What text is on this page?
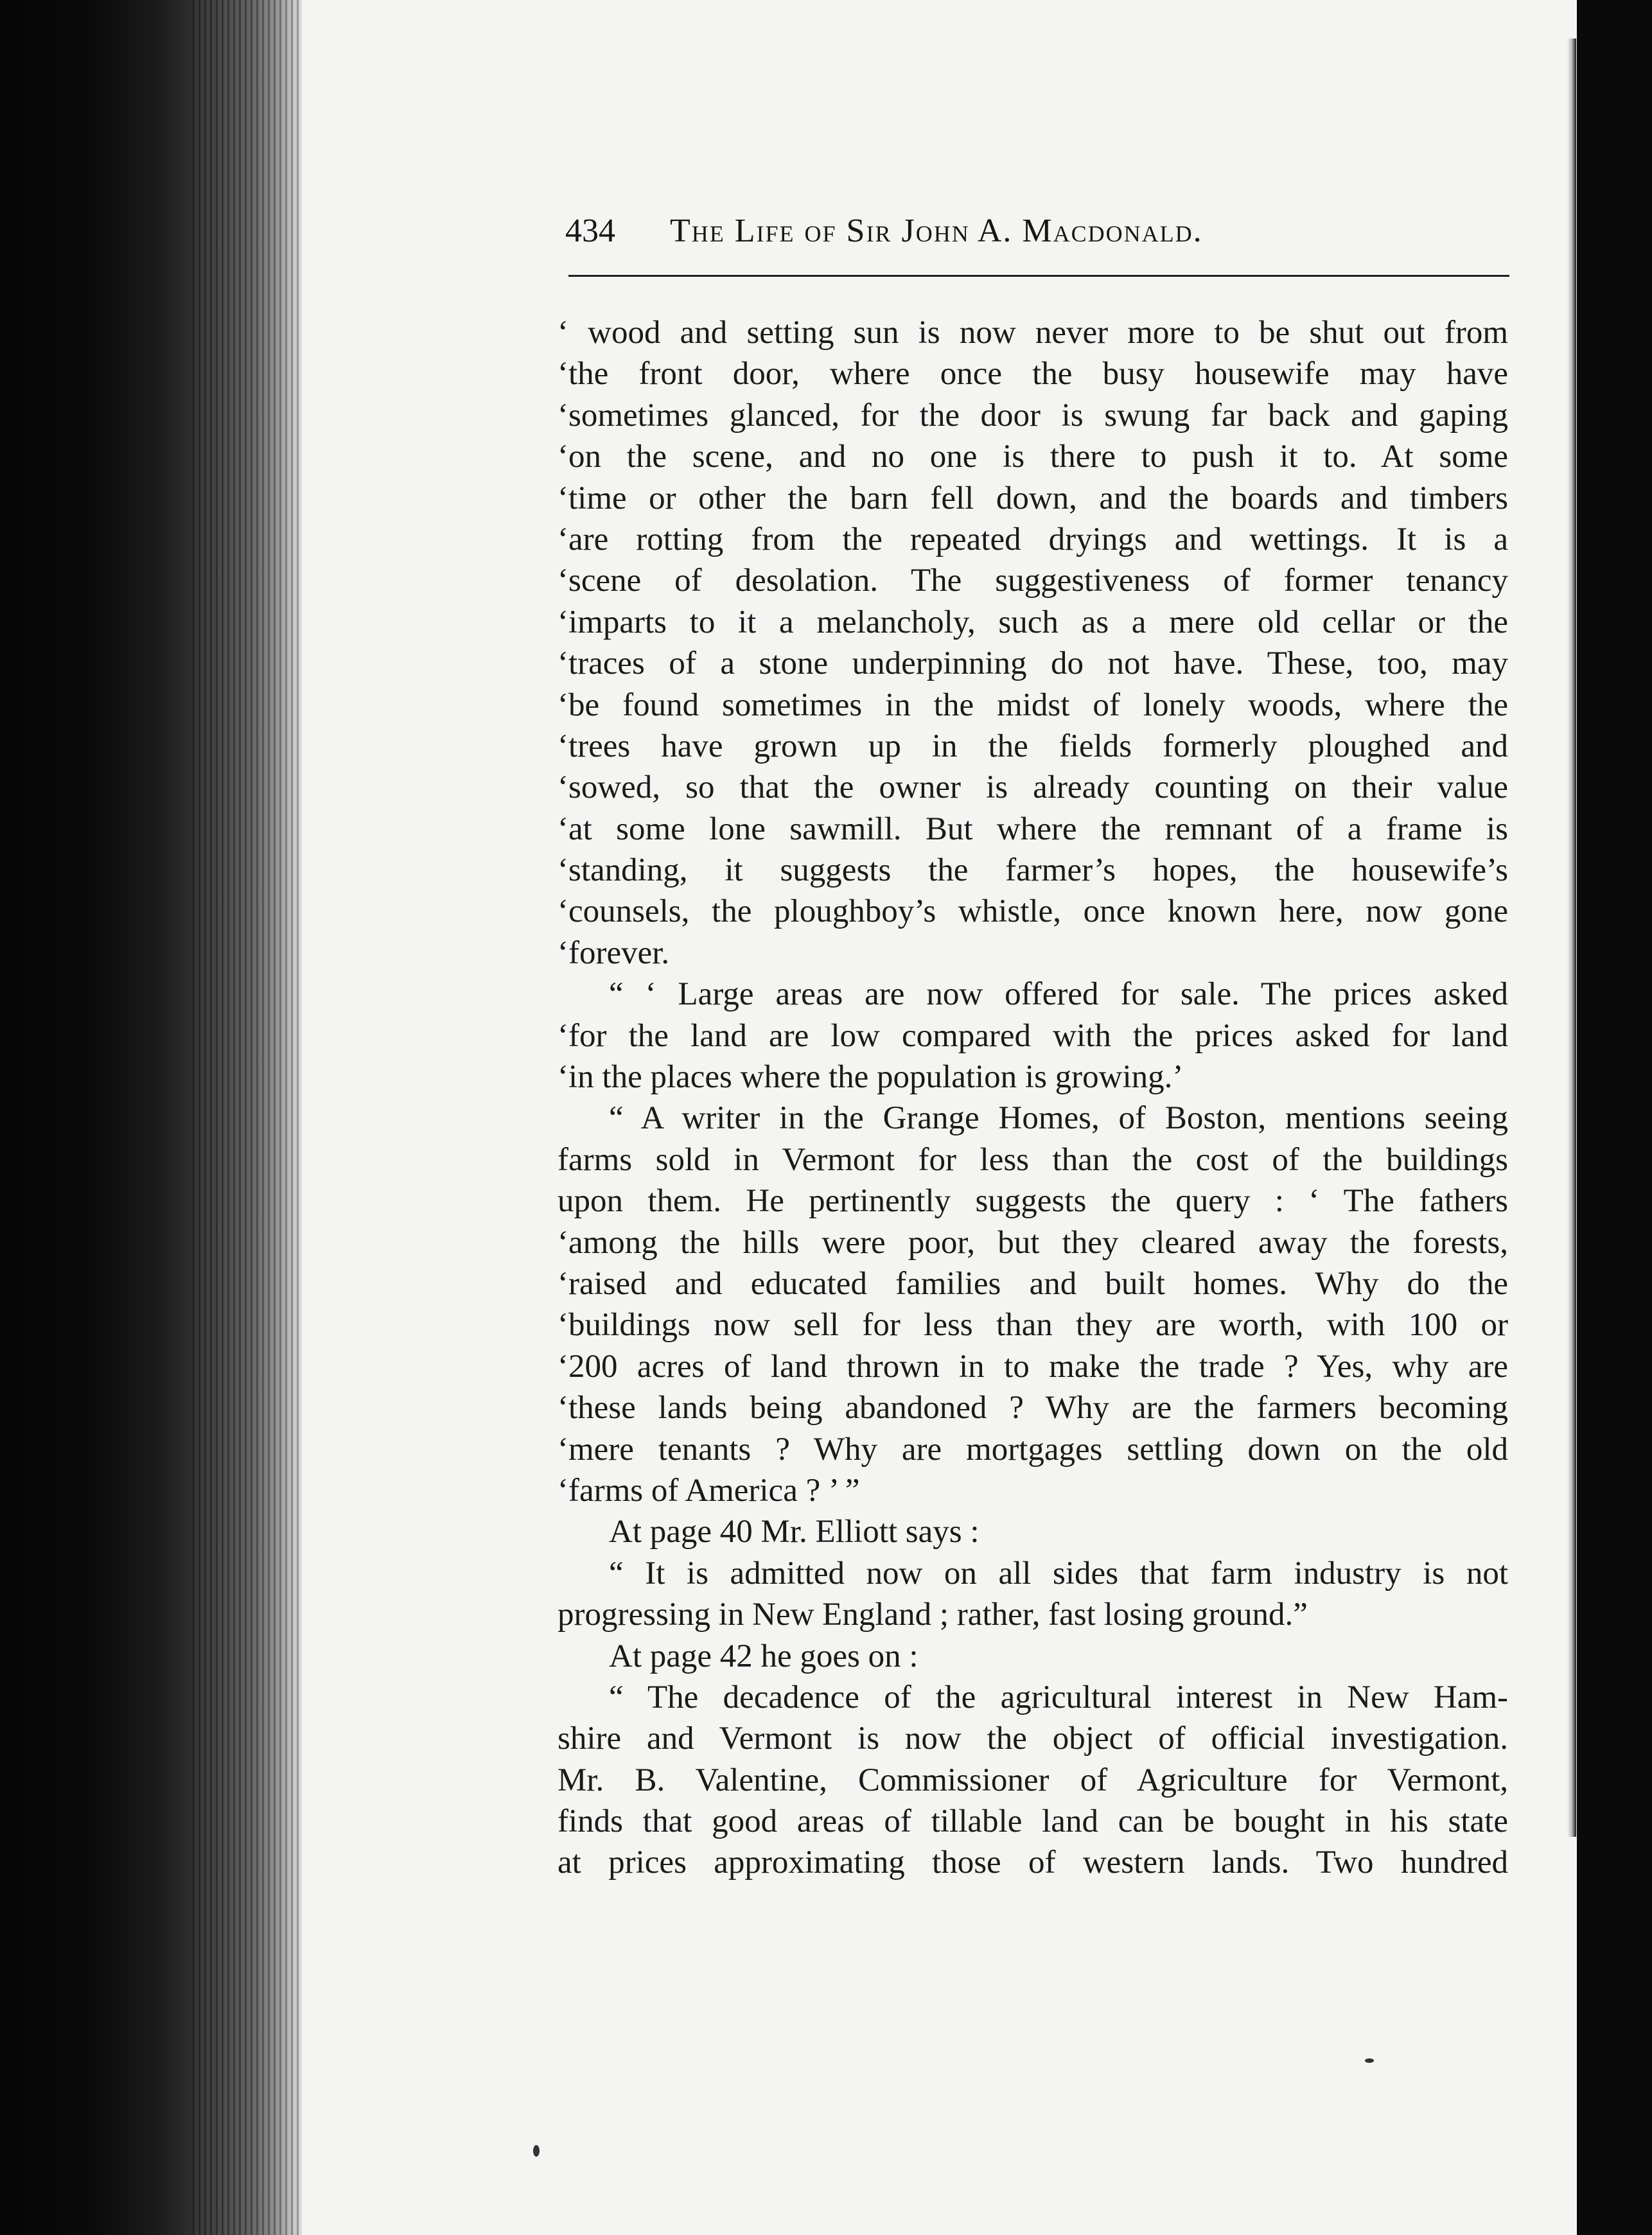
434 The Life of Sir John A. Macdonald.
‘ wood and setting sun is now never more to be shut out from
‘the front door, where once the busy housewife may have
‘sometimes glanced, for the door is swung far back and gaping
‘on the scene, and no one is there to push it to. At some
‘time or other the barn fell down, and the boards and timbers
‘are rotting from the repeated dryings and wettings. It is a
‘scene of desolation. The suggestiveness of former tenancy
‘imparts to it a melancholy, such as a mere old cellar or the
‘traces of a stone underpinning do not have. These, too, may
‘be found sometimes in the midst of lonely woods, where the
‘trees have grown up in the fields formerly ploughed and
‘sowed, so that the owner is already counting on their value
‘at some lone sawmill. But where the remnant of a frame is
‘standing, it suggests the farmer’s hopes, the housewife’s
‘counsels, the ploughboy’s whistle, once known here, now gone
‘forever.
“ ‘ Large areas are now offered for sale. The prices asked
‘for the land are low compared with the prices asked for land
‘in the places where the population is growing.’
“ A writer in the Grange Homes, of Boston, mentions seeing
farms sold in Vermont for less than the cost of the buildings
upon them. He pertinently suggests the query : ‘ The fathers
‘among the hills were poor, but they cleared away the forests,
‘raised and educated families and built homes. Why do the
‘buildings now sell for less than they are worth, with 100 or
‘200 acres of land thrown in to make the trade ? Yes, why are
‘these lands being abandoned ? Why are the farmers becoming
‘mere tenants ? Why are mortgages settling down on the old
‘farms of America ? ’ ”
At page 40 Mr. Elliott says :
“ It is admitted now on all sides that farm industry is not
progressing in New England ; rather, fast losing ground.”
At page 42 he goes on :
“ The decadence of the agricultural interest in New Ham-
shire and Vermont is now the object of official investigation.
Mr. B. Valentine, Commissioner of Agriculture for Vermont,
finds that good areas of tillable land can be bought in his state
at prices approximating those of western lands. Two hundred
